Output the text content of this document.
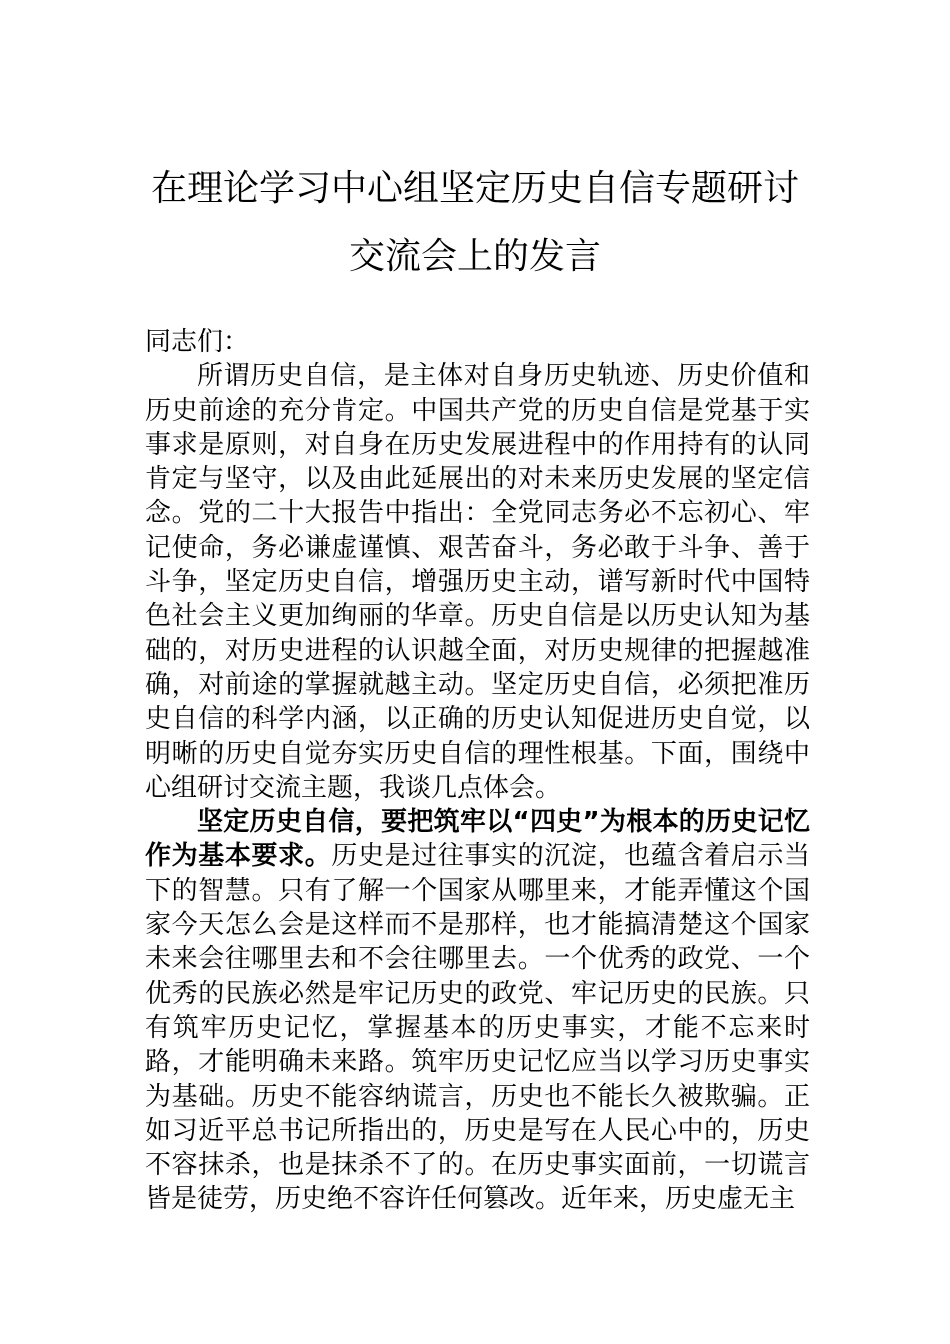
在理论学习中心组坚定历史自信专题研讨
交流会上的发言

同志们：

所谓历史自信，是主体对自身历史轨迹、历史价值和历史前途的充分肯定。中国共产党的历史自信是党基于实事求是原则，对自身在历史发展进程中的作用持有的认同肯定与坚守，以及由此延展出的对未来历史发展的坚定信念。党的二十大报告中指出：全党同志务必不忘初心、牢记使命，务必谦虚谨慎、艰苦奋斗，务必敢于斗争、善于斗争，坚定历史自信，增强历史主动，谱写新时代中国特色社会主义更加绚丽的华章。历史自信是以历史认知为基础的，对历史进程的认识越全面，对历史规律的把握越准确，对前途的掌握就越主动。坚定历史自信，必须把准历史自信的科学内涵，以正确的历史认知促进历史自觉，以明晰的历史自觉夯实历史自信的理性根基。下面，围绕中心组研讨交流主题，我谈几点体会。

坚定历史自信，要把筑牢以“四史”为根本的历史记忆作为基本要求。历史是过往事实的沉淀，也蕴含着启示当下的智慧。只有了解一个国家从哪里来，才能弄懂这个国家今天怎么会是这样而不是那样，也才能搞清楚这个国家未来会往哪里去和不会往哪里去。一个优秀的政党、一个优秀的民族必然是牢记历史的政党、牢记历史的民族。只有筑牢历史记忆，掌握基本的历史事实，才能不忘来时路，才能明确未来路。筑牢历史记忆应当以学习历史事实为基础。历史不能容纳谎言，历史也不能长久被欺骗。正如习近平总书记所指出的，历史是写在人民心中的，历史不容抹杀，也是抹杀不了的。在历史事实面前，一切谎言皆是徒劳，历史绝不容许任何篡改。近年来，历史虚无主
